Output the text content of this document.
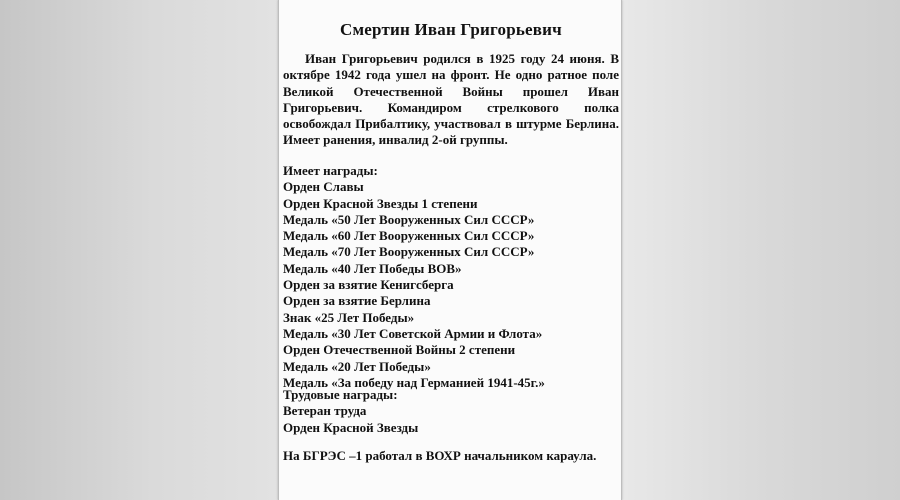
Смертин Иван Григорьевич
Иван Григорьевич родился в 1925 году 24 июня. В
октябре 1942 года ушел на фронт. Не одно ратное поле
Великой Отечественной Войны прошел Иван
Григорьевич. Командиром стрелкового полка
освобождал Прибалтику, участвовал в штурме Берлина.
Имеет ранения, инвалид 2-ой группы.
Имеет награды:
Орден Славы
Орден Красной Звезды 1 степени
Медаль «50 Лет Вооруженных Сил СССР»
Медаль «60 Лет Вооруженных Сил СССР»
Медаль «70 Лет Вооруженных Сил СССР»
Медаль «40 Лет Победы ВОВ»
Орден за взятие Кенигсберга
Орден за взятие Берлина
Знак «25 Лет Победы»
Медаль «30 Лет Советской Армии и Флота»
Орден Отечественной Войны 2 степени
Медаль «20 Лет Победы»
Медаль «За победу над Германией 1941-45г.»
Трудовые награды:
Ветеран труда
Орден Красной Звезды
На БГРЭС –1 работал в ВОХР начальником караула.
